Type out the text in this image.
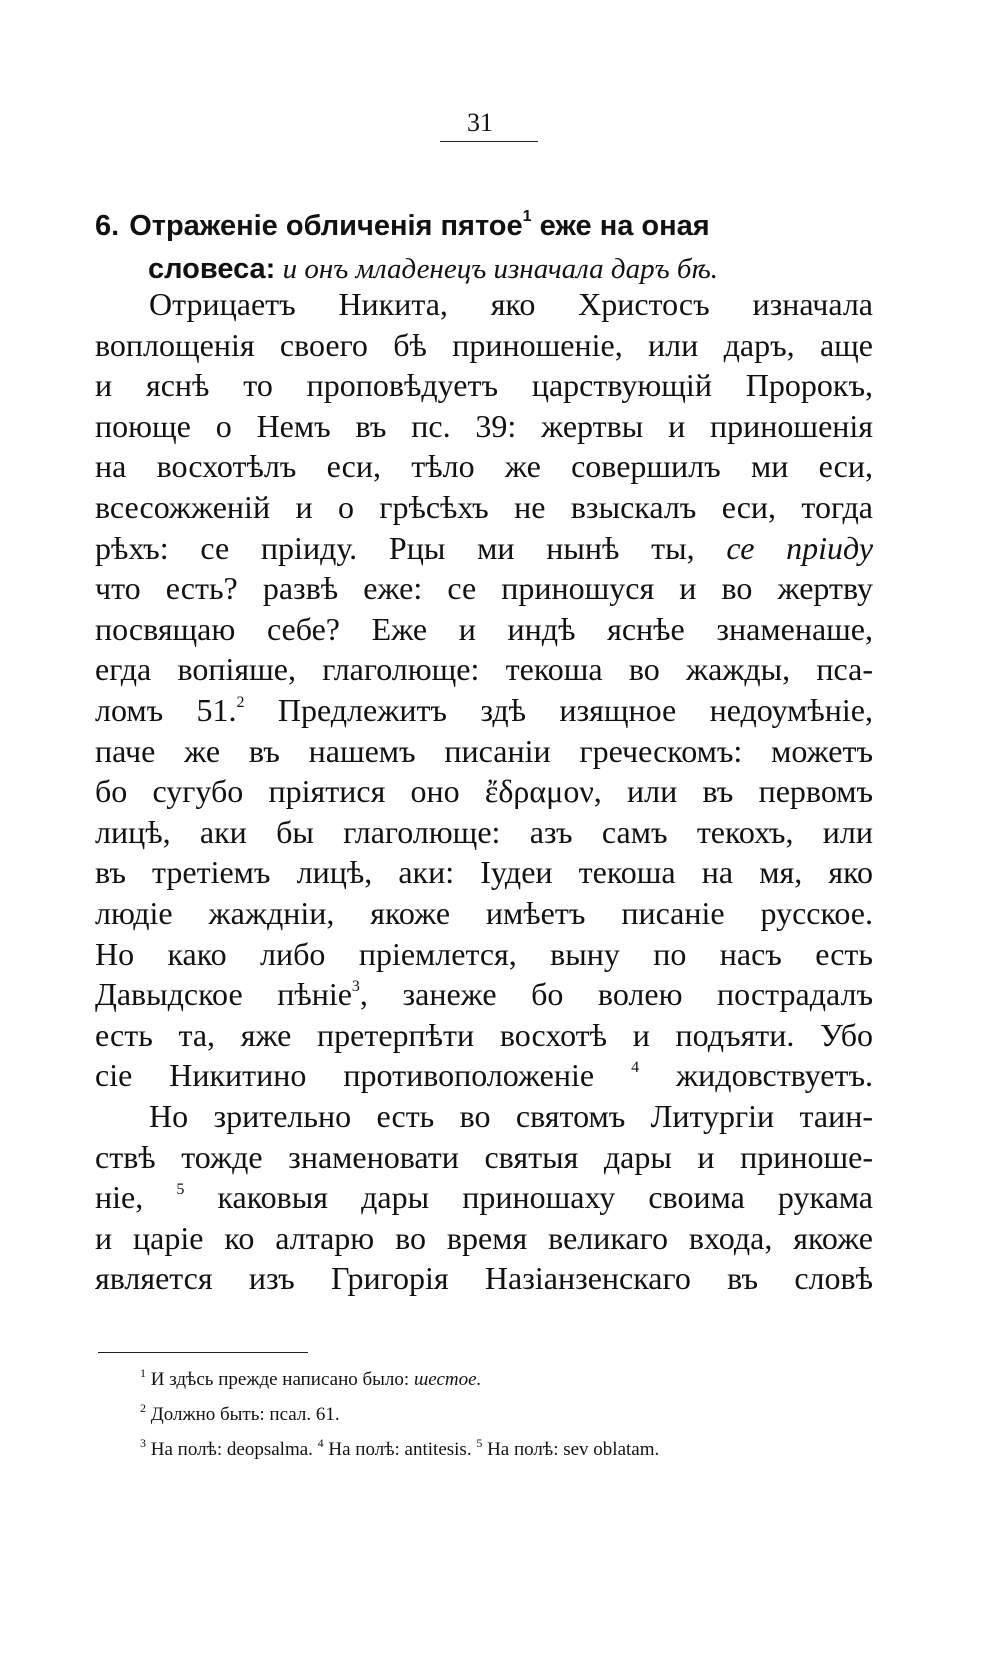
31
6. Отраженіе обличенія пятое$^1$ еже на оная
словеса: и онъ младенецъ изначала даръ бѣ.
Отрицаетъ Никита, яко Христосъ изначала
воплощенія своего бѣ приношеніе, или даръ, аще
и яснѣ то проповѣдуетъ царствующій Пророкъ,
поюще о Немъ въ пс. 39: жертвы и приношенія
на восхотѣлъ еси, тѣло же совершилъ ми еси,
всесожженій и о грѣсѣхъ не взыскалъ еси, тогда
рѣхъ: се пріиду. Рцы ми нынѣ ты, се пріиду
что есть? развѣ еже: се приношуся и во жертву
посвящаю себе? Еже и индѣ яснѣе знаменаше,
егда вопіяше, глаголюще: текоша во жажды, пса-
ломъ 51.$^2$ Предлежитъ здѣ изящное недоумѣніе,
паче же въ нашемъ писаніи греческомъ: можетъ
бо сугубо пріятися оно ἔδραμον, или въ первомъ
лицѣ, аки бы глаголюще: азъ самъ текохъ, или
въ третіемъ лицѣ, аки: Іудеи текоша на мя, яко
людіе жаждніи, якоже имѣетъ писаніе русское.
Но како либо пріемлется, выну по насъ есть
Давыдское пѣніе$^3$, занеже бо волею пострадалъ
есть та, яже претерпѣти восхотѣ и подъяти. Убо
сіе Никитино противоположеніе $^4$ жидовствуетъ.
Но зрительно есть во святомъ Литургіи таин-
ствѣ тожде знаменовати святыя дары и приноше-
ніе, $^5$ каковыя дары приношаху своима рукама
и царіе ко алтарю во время великаго входа, якоже
является изъ Григорія Назіанзенскаго въ словѣ
$^1$ И здѣсь прежде написано было: шестое.
$^2$ Должно быть: псал. 61.
$^3$ На полѣ: deopsalma. $^4$ На полѣ: antitesis. $^5$ На полѣ: sev oblatam.
